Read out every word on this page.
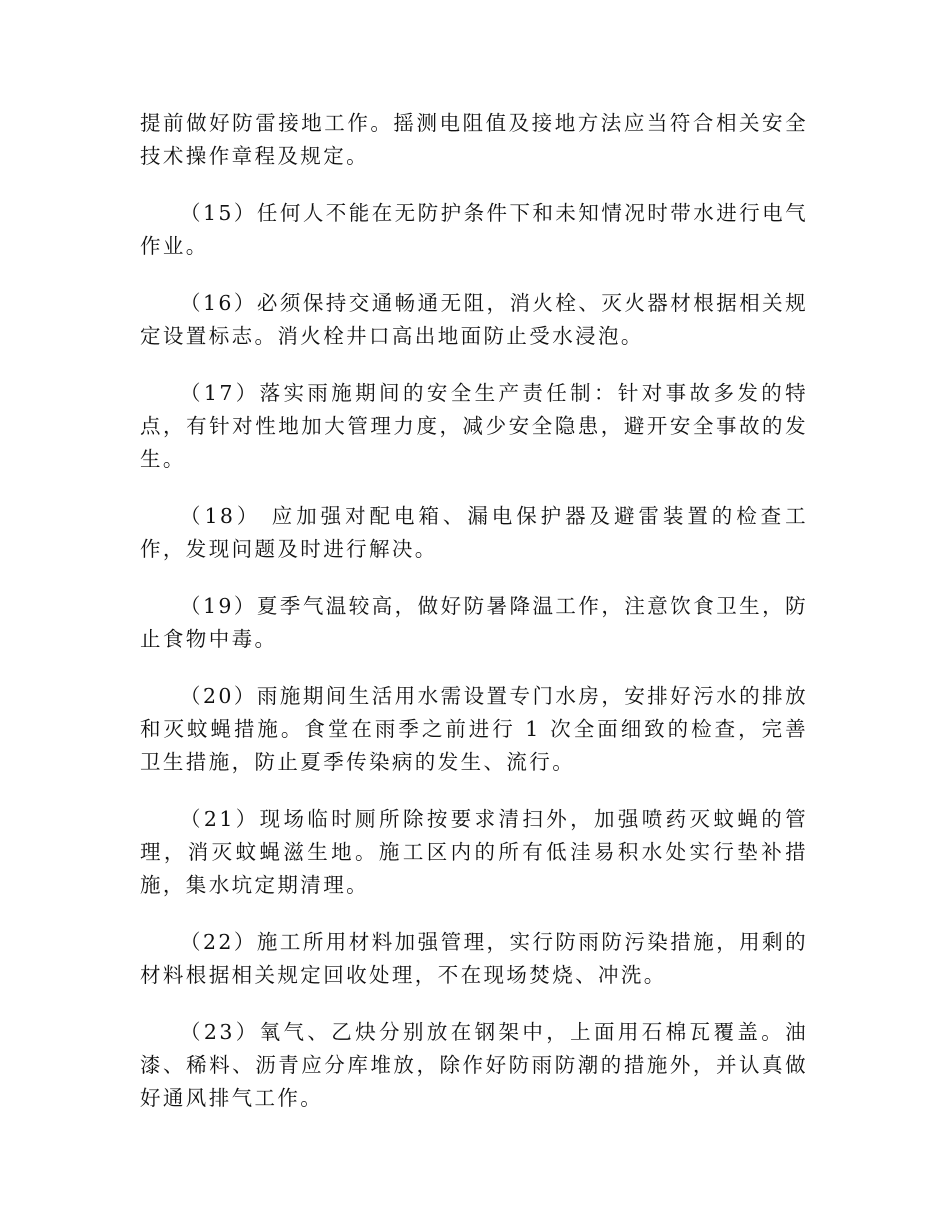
提前做好防雷接地工作。摇测电阻值及接地方法应当符合相关安全技术操作章程及规定。

（15）任何人不能在无防护条件下和未知情况时带水进行电气作业。

（16）必须保持交通畅通无阻，消火栓、灭火器材根据相关规定设置标志。消火栓井口高出地面防止受水浸泡。

（17）落实雨施期间的安全生产责任制：针对事故多发的特点，有针对性地加大管理力度，减少安全隐患，避开安全事故的发生。

（18） 应加强对配电箱、漏电保护器及避雷装置的检查工作，发现问题及时进行解决。

（19）夏季气温较高，做好防暑降温工作，注意饮食卫生，防止食物中毒。

（20）雨施期间生活用水需设置专门水房，安排好污水的排放和灭蚊蝇措施。食堂在雨季之前进行 1 次全面细致的检查，完善卫生措施，防止夏季传染病的发生、流行。

（21）现场临时厕所除按要求清扫外，加强喷药灭蚊蝇的管理，消灭蚊蝇滋生地。施工区内的所有低洼易积水处实行垫补措施，集水坑定期清理。

（22）施工所用材料加强管理，实行防雨防污染措施，用剩的材料根据相关规定回收处理，不在现场焚烧、冲洗。

（23）氧气、乙炔分别放在钢架中，上面用石棉瓦覆盖。油漆、稀料、沥青应分库堆放，除作好防雨防潮的措施外，并认真做好通风排气工作。
